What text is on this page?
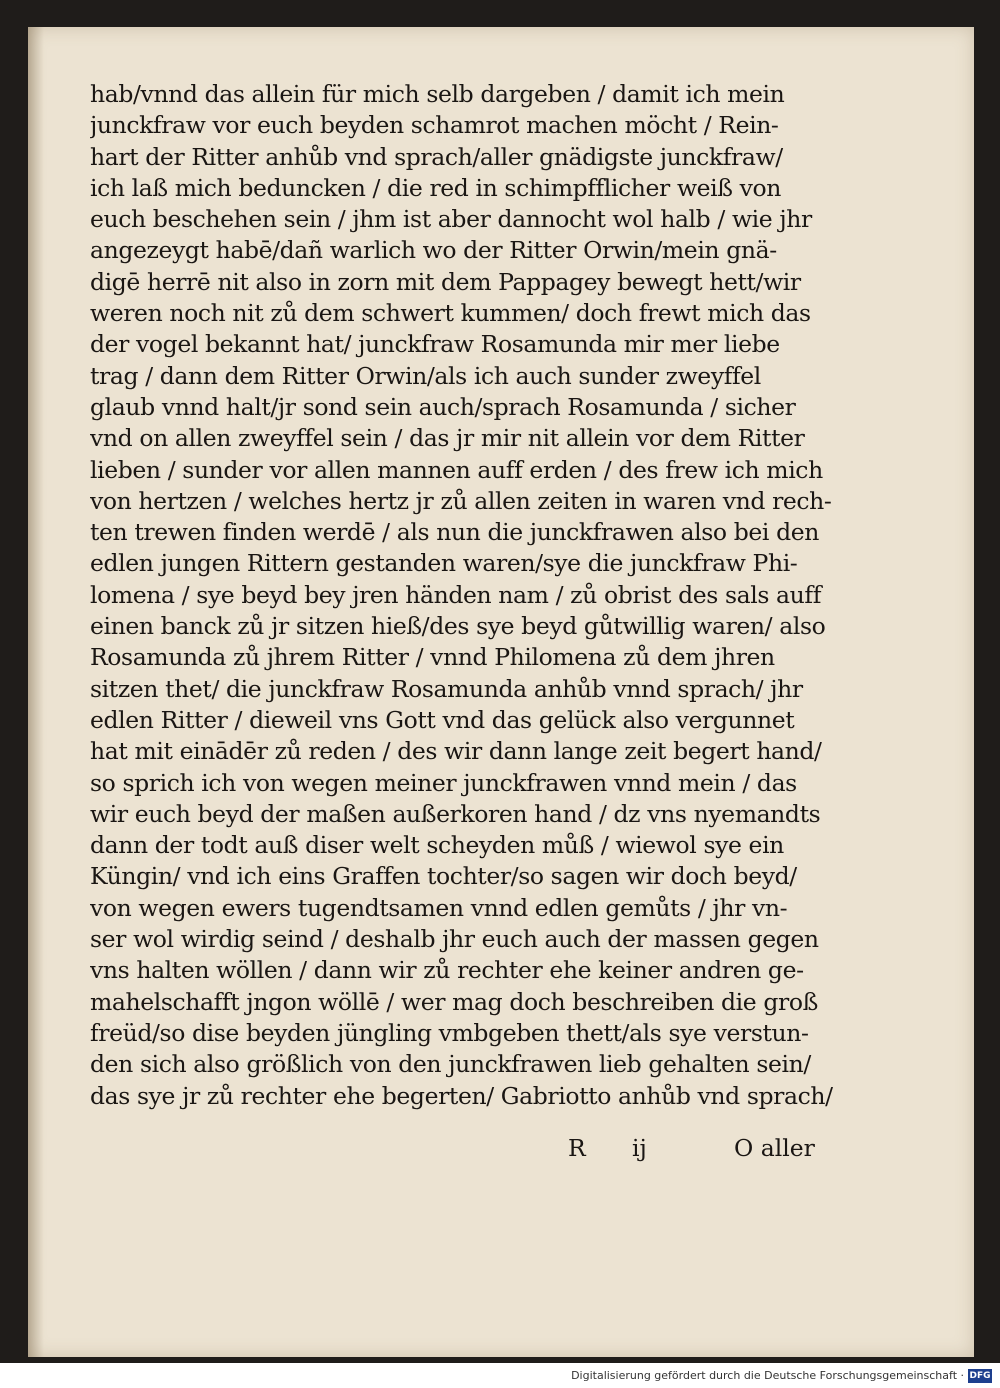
hab/vnnd das allein für mich selb dargeben / damit ich mein
junckfraw vor euch beyden schamrot machen möcht / Rein-
hart der Ritter anhůb vnd sprach/aller gnädigste junckfraw/
ich laß mich beduncken / die red in schimpfflicher weiß von
euch beschehen sein / jhm ist aber dannocht wol halb / wie jhr
angezeygt habē/dañ warlich wo der Ritter Orwin/mein gnä-
digē herrē nit also in zorn mit dem Pappagey bewegt hett/wir
weren noch nit zů dem schwert kummen/ doch frewt mich das
der vogel bekannt hat/ junckfraw Rosamunda mir mer liebe
trag / dann dem Ritter Orwin/als ich auch sunder zweyffel
glaub vnnd halt/jr sond sein auch/sprach Rosamunda / sicher
vnd on allen zweyffel sein / das jr mir nit allein vor dem Ritter
lieben / sunder vor allen mannen auff erden / des frew ich mich
von hertzen / welches hertz jr zů allen zeiten in waren vnd rech-
ten trewen finden werdē / als nun die junckfrawen also bei den
edlen jungen Rittern gestanden waren/sye die junckfraw Phi-
lomena / sye beyd bey jren händen nam / zů obrist des sals auff
einen banck zů jr sitzen hieß/des sye beyd gůtwillig waren/ also
Rosamunda zů jhrem Ritter / vnnd Philomena zů dem jhren
sitzen thet/ die junckfraw Rosamunda anhůb vnnd sprach/ jhr
edlen Ritter / dieweil vns Gott vnd das gelück also vergunnet
hat mit einādēr zů reden / des wir dann lange zeit begert hand/
so sprich ich von wegen meiner junckfrawen vnnd mein / das
wir euch beyd der maßen außerkoren hand / dz vns nyemandts
dann der todt auß diser welt scheyden můß / wiewol sye ein
Küngin/ vnd ich eins Graffen tochter/so sagen wir doch beyd/
von wegen ewers tugendtsamen vnnd edlen gemůts / jhr vn-
ser wol wirdig seind / deshalb jhr euch auch der massen gegen
vns halten wöllen / dann wir zů rechter ehe keiner andren ge-
mahelschafft jngon wöllē / wer mag doch beschreiben die groß
freüd/so dise beyden jüngling vmbgeben thett/als sye verstun-
den sich also größlich von den junckfrawen lieb gehalten sein/
das sye jr zů rechter ehe begerten/ Gabriotto anhůb vnd sprach/
R ij	O aller
Digitalisierung gefördert durch die Deutsche Forschungsgemeinschaft · DFG
